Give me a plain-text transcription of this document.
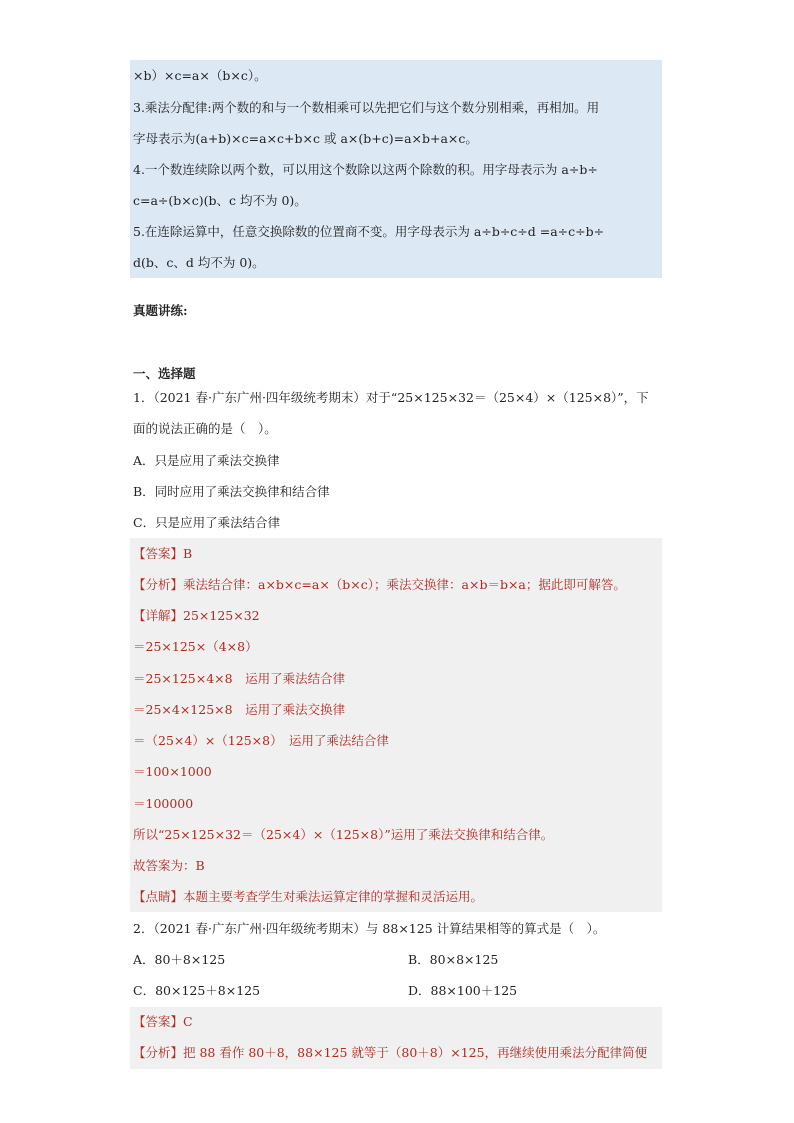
×b）×c=a×（b×c）。
3.乘法分配律:两个数的和与一个数相乘可以先把它们与这个数分别相乘，再相加。用
字母表示为(a+b)×c=a×c+b×c 或 a×(b+c)=a×b+a×c。
4.一个数连续除以两个数，可以用这个数除以这两个除数的积。用字母表示为 a÷b÷
c=a÷(b×c)(b、c 均不为 0)。
5.在连除运算中，任意交换除数的位置商不变。用字母表示为 a÷b÷c÷d =a÷c÷b÷
d(b、c、d 均不为 0)。
真题讲练:
一、选择题
1．（2021 春·广东广州·四年级统考期末）对于“25×125×32＝（25×4）×（125×8）”，下
面的说法正确的是（　）。
A．只是应用了乘法交换律
B．同时应用了乘法交换律和结合律
C．只是应用了乘法结合律
【答案】B
【分析】乘法结合律：a×b×c=a×（b×c）；乘法交换律：a×b＝b×a；据此即可解答。
【详解】25×125×32
＝25×125×（4×8）
＝25×125×4×8　运用了乘法结合律
＝25×4×125×8　运用了乘法交换律
＝（25×4）×（125×8）　运用了乘法结合律
＝100×1000
＝100000
所以“25×125×32＝（25×4）×（125×8）”运用了乘法交换律和结合律。
故答案为：B
【点睛】本题主要考查学生对乘法运算定律的掌握和灵活运用。
2．（2021 春·广东广州·四年级统考期末）与 88×125 计算结果相等的算式是（　）。
A．80＋8×125	B．80×8×125
C．80×125＋8×125	D．88×100＋125
【答案】C
【分析】把 88 看作 80＋8，88×125 就等于（80＋8）×125，再继续使用乘法分配律简便
